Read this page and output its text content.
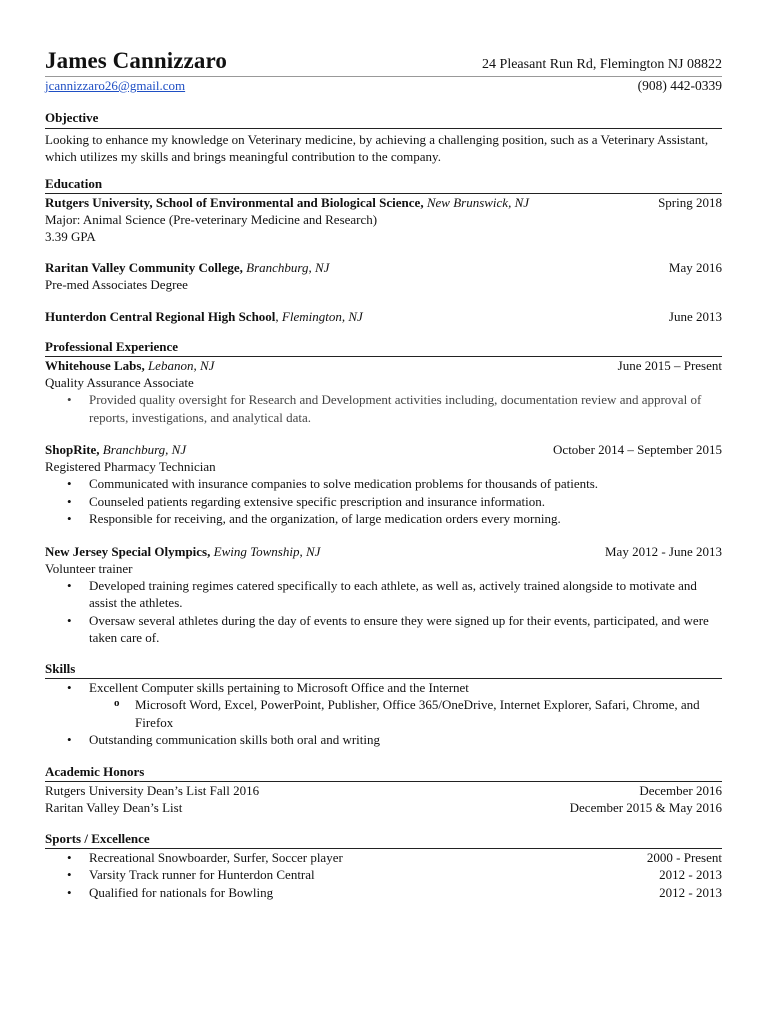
James Cannizzaro	24 Pleasant Run Rd, Flemington NJ 08822
jcannizzaro26@gmail.com	(908) 442-0339
Objective
Looking to enhance my knowledge on Veterinary medicine, by achieving a challenging position, such as a Veterinary Assistant, which utilizes my skills and brings meaningful contribution to the company.
Education
Rutgers University, School of Environmental and Biological Science, New Brunswick, NJ	Spring 2018
Major: Animal Science (Pre-veterinary Medicine and Research)
3.39 GPA
Raritan Valley Community College, Branchburg, NJ	May 2016
Pre-med Associates Degree
Hunterdon Central Regional High School, Flemington, NJ	June 2013
Professional Experience
Whitehouse Labs, Lebanon, NJ	June 2015 – Present
Quality Assurance Associate
• Provided quality oversight for Research and Development activities including, documentation review and approval of reports, investigations, and analytical data.
ShopRite, Branchburg, NJ	October 2014 – September 2015
Registered Pharmacy Technician
• Communicated with insurance companies to solve medication problems for thousands of patients.
• Counseled patients regarding extensive specific prescription and insurance information.
• Responsible for receiving, and the organization, of large medication orders every morning.
New Jersey Special Olympics, Ewing Township, NJ	May 2012 - June 2013
Volunteer trainer
• Developed training regimes catered specifically to each athlete, as well as, actively trained alongside to motivate and assist the athletes.
• Oversaw several athletes during the day of events to ensure they were signed up for their events, participated, and were taken care of.
Skills
• Excellent Computer skills pertaining to Microsoft Office and the Internet
o Microsoft Word, Excel, PowerPoint, Publisher, Office 365/OneDrive, Internet Explorer, Safari, Chrome, and Firefox
• Outstanding communication skills both oral and writing
Academic Honors
Rutgers University Dean’s List Fall 2016	December 2016
Raritan Valley Dean’s List	December 2015 & May 2016
Sports / Excellence
• Recreational Snowboarder, Surfer, Soccer player	2000 - Present
• Varsity Track runner for Hunterdon Central	2012 - 2013
• Qualified for nationals for Bowling	2012 - 2013
